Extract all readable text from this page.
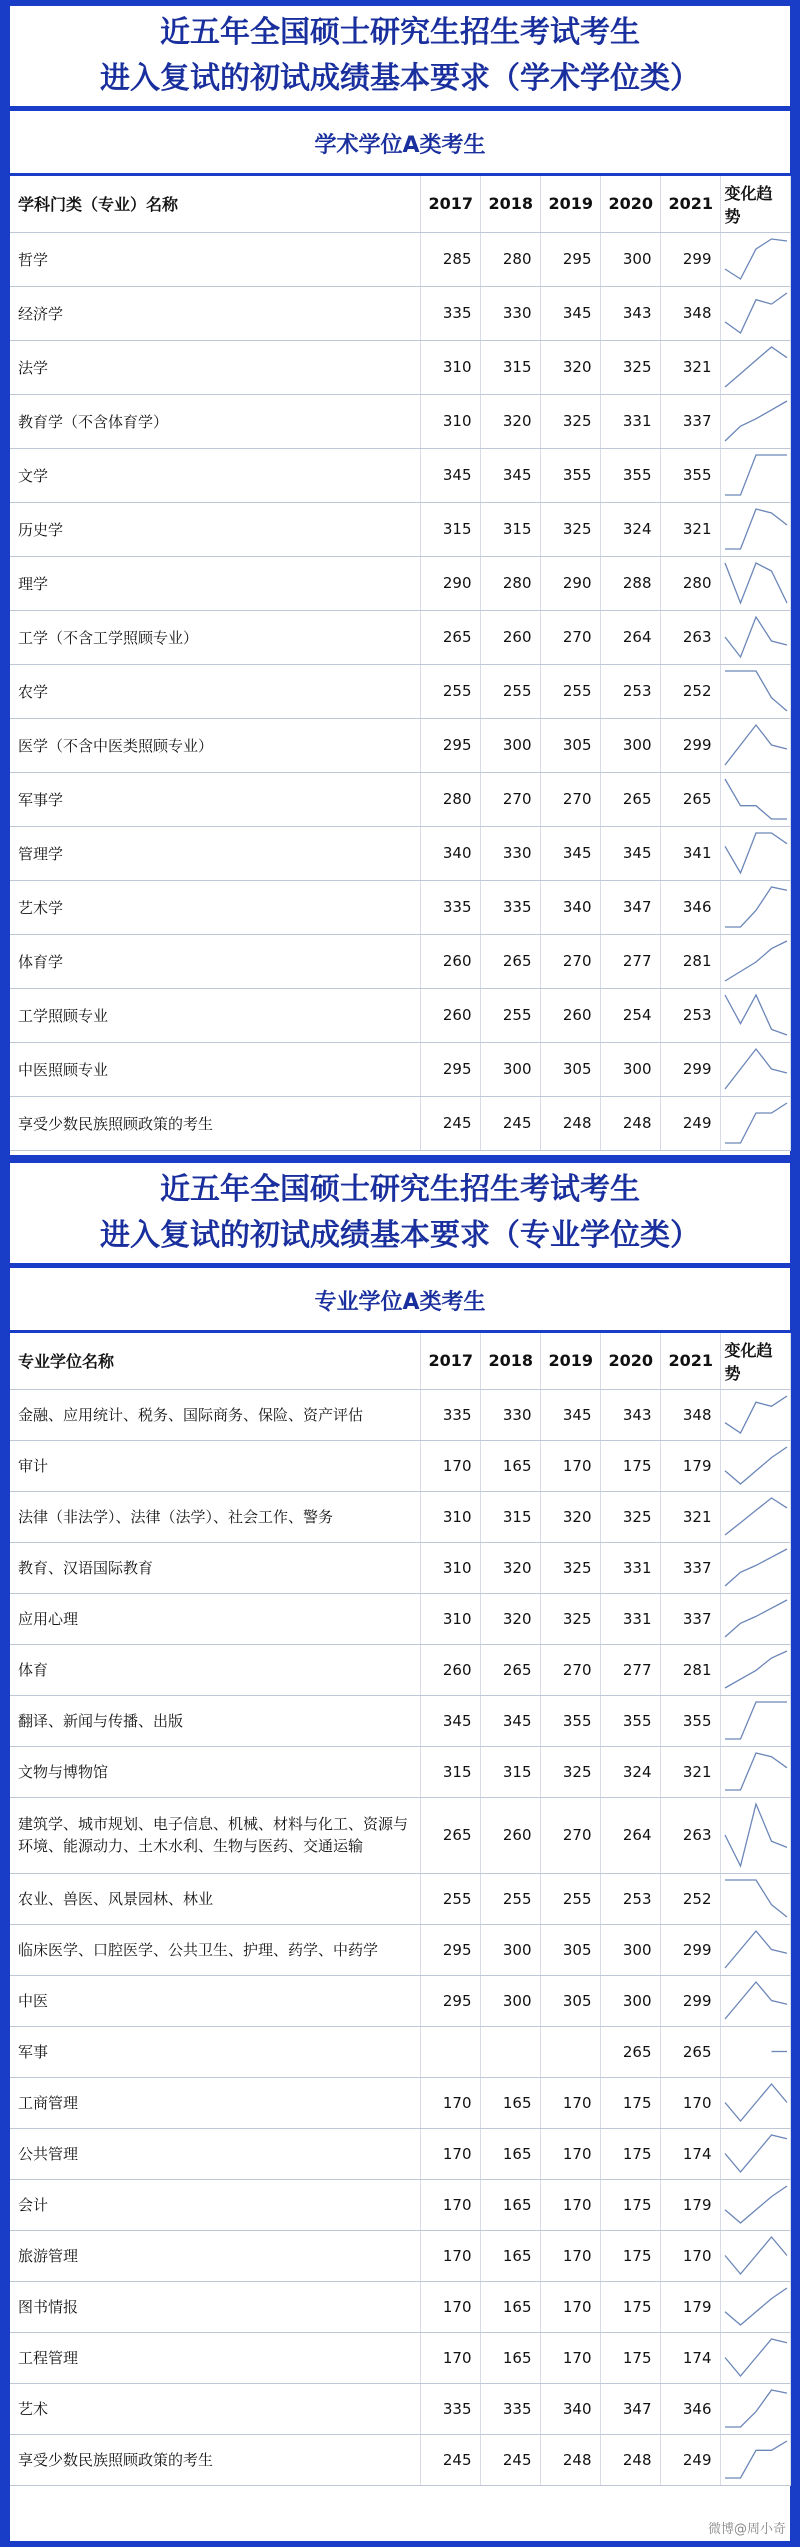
近五年全国硕士研究生招生考试考生
进入复试的初试成绩基本要求（学术学位类）
学术学位A类考生
学科门类（专业）名称	2017	2018	2019	2020	2021	变化趋势
哲学	285	280	295	300	299	

经济学	335	330	345	343	348	

法学	310	315	320	325	321	

教育学（不含体育学）	310	320	325	331	337	

文学	345	345	355	355	355	

历史学	315	315	325	324	321	

理学	290	280	290	288	280	

工学（不含工学照顾专业）	265	260	270	264	263	

农学	255	255	255	253	252	

医学（不含中医类照顾专业）	295	300	305	300	299	

军事学	280	270	270	265	265	

管理学	340	330	345	345	341	

艺术学	335	335	340	347	346	

体育学	260	265	270	277	281	

工学照顾专业	260	255	260	254	253	

中医照顾专业	295	300	305	300	299	

享受少数民族照顾政策的考生	245	245	248	248	249	
近五年全国硕士研究生招生考试考生
进入复试的初试成绩基本要求（专业学位类）
专业学位A类考生
专业学位名称	2017	2018	2019	2020	2021	变化趋势
金融、应用统计、税务、国际商务、保险、资产评估	335	330	345	343	348	

审计	170	165	170	175	179	

法律（非法学）、法律（法学）、社会工作、警务	310	315	320	325	321	

教育、汉语国际教育	310	320	325	331	337	

应用心理	310	320	325	331	337	

体育	260	265	270	277	281	

翻译、新闻与传播、出版	345	345	355	355	355	

文物与博物馆	315	315	325	324	321	

建筑学、城市规划、电子信息、机械、材料与化工、资源与环境、能源动力、土木水利、生物与医药、交通运输	265	260	270	264	263	

农业、兽医、风景园林、林业	255	255	255	253	252	

临床医学、口腔医学、公共卫生、护理、药学、中药学	295	300	305	300	299	

中医	295	300	305	300	299	

军事				265	265	

工商管理	170	165	170	175	170	

公共管理	170	165	170	175	174	

会计	170	165	170	175	179	

旅游管理	170	165	170	175	170	

图书情报	170	165	170	175	179	

工程管理	170	165	170	175	174	

艺术	335	335	340	347	346	

享受少数民族照顾政策的考生	245	245	248	248	249	
微博@周小奇
